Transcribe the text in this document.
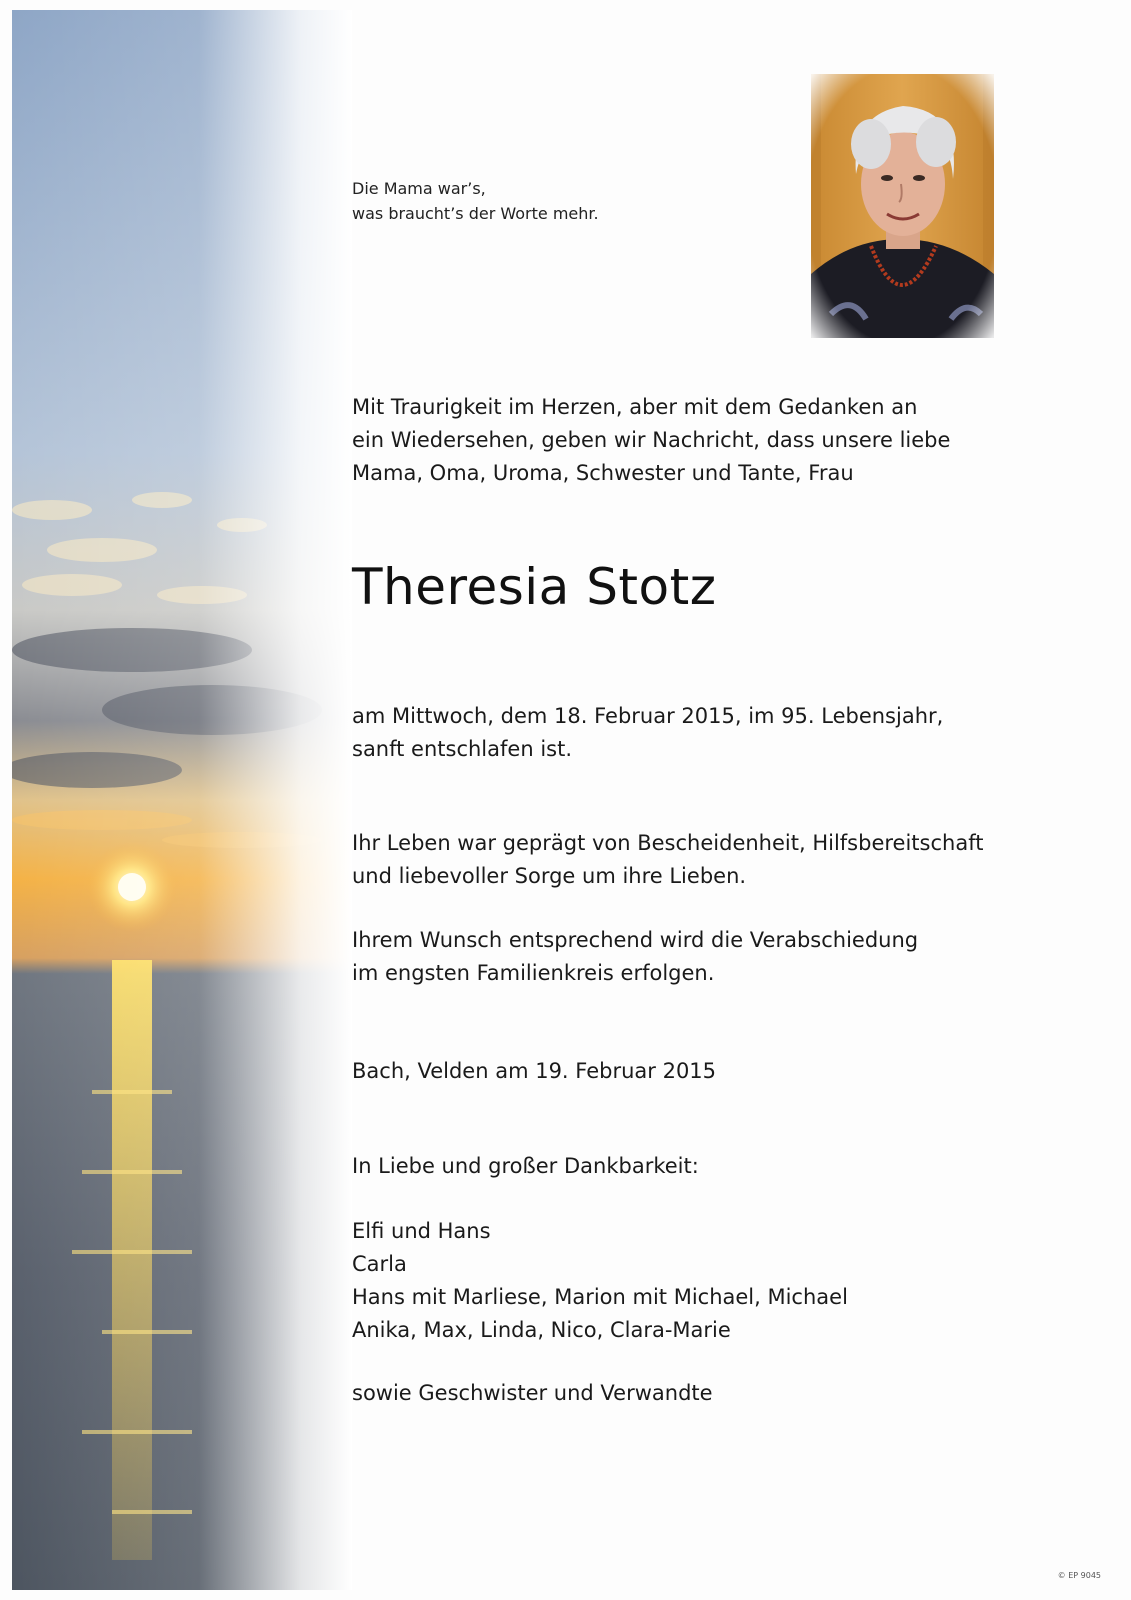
Die Mama war’s,
was braucht’s der Worte mehr.
Mit Traurigkeit im Herzen, aber mit dem Gedanken an
ein Wiedersehen, geben wir Nachricht, dass unsere liebe
Mama, Oma, Uroma, Schwester und Tante, Frau
Theresia Stotz
am Mittwoch, dem 18. Februar 2015, im 95. Lebensjahr,
sanft entschlafen ist.
Ihr Leben war geprägt von Bescheidenheit, Hilfsbereitschaft
und liebevoller Sorge um ihre Lieben.
Ihrem Wunsch entsprechend wird die Verabschiedung
im engsten Familienkreis erfolgen.
Bach, Velden am 19. Februar 2015
In Liebe und großer Dankbarkeit:
Elfi und Hans
Carla
Hans mit Marliese, Marion mit Michael, Michael
Anika, Max, Linda, Nico, Clara-Marie
sowie Geschwister und Verwandte
© EP 9045
